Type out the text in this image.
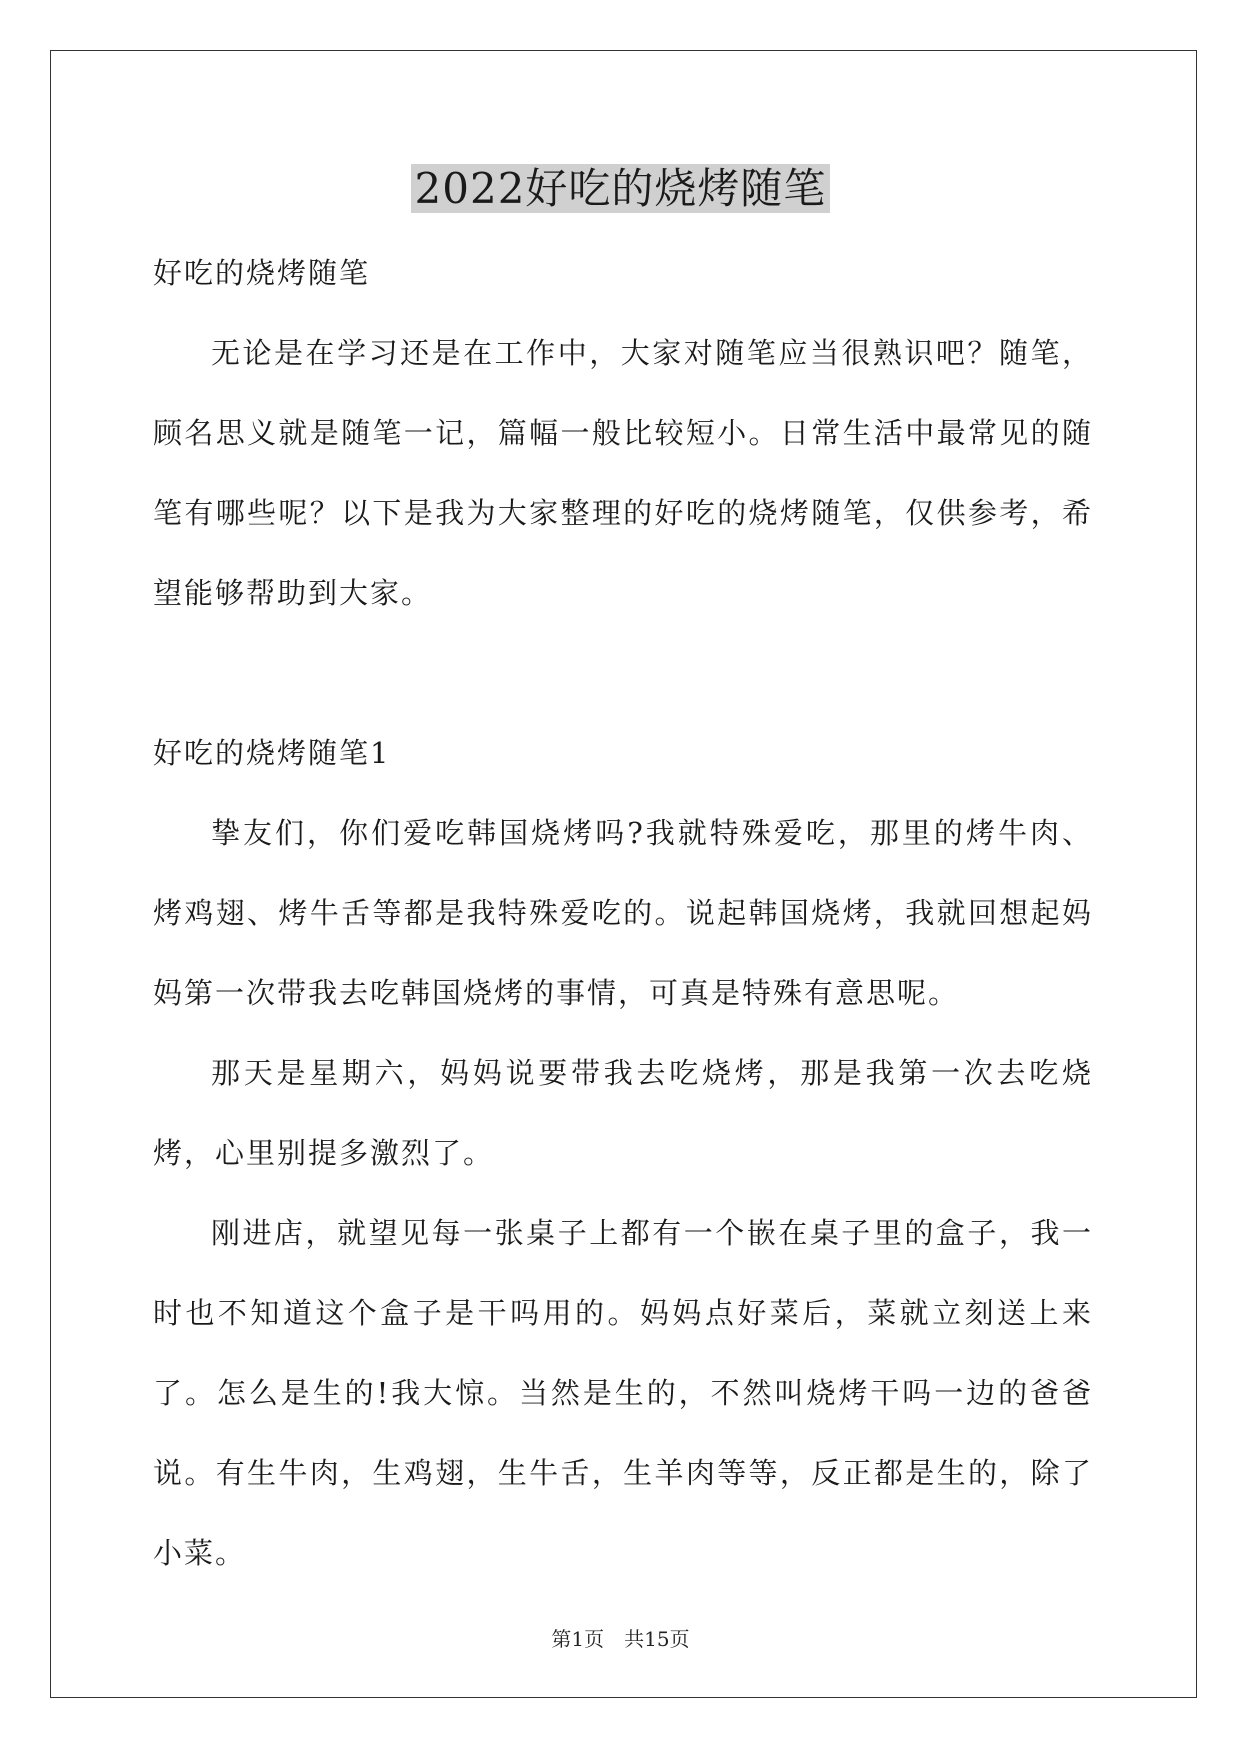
2022好吃的烧烤随笔

好吃的烧烤随笔

无论是在学习还是在工作中，大家对随笔应当很熟识吧？随笔，顾名思义就是随笔一记，篇幅一般比较短小。日常生活中最常见的随笔有哪些呢？以下是我为大家整理的好吃的烧烤随笔，仅供参考，希望能够帮助到大家。

好吃的烧烤随笔1

挚友们，你们爱吃韩国烧烤吗?我就特殊爱吃，那里的烤牛肉、烤鸡翅、烤牛舌等都是我特殊爱吃的。说起韩国烧烤，我就回想起妈妈第一次带我去吃韩国烧烤的事情，可真是特殊有意思呢。

那天是星期六，妈妈说要带我去吃烧烤，那是我第一次去吃烧烤，心里别提多激烈了。

刚进店，就望见每一张桌子上都有一个嵌在桌子里的盒子，我一时也不知道这个盒子是干吗用的。妈妈点好菜后，菜就立刻送上来了。怎么是生的!我大惊。当然是生的，不然叫烧烤干吗一边的爸爸说。有生牛肉，生鸡翅，生牛舌，生羊肉等等，反正都是生的，除了小菜。

第1页 共15页
